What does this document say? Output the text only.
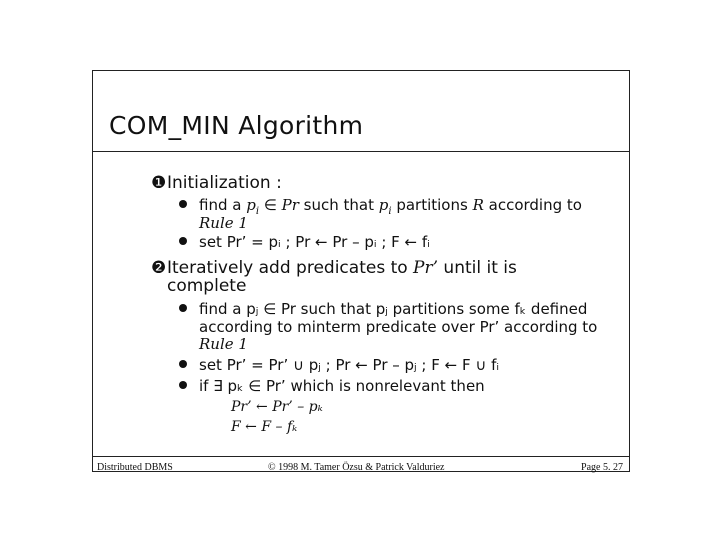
COM_MIN Algorithm
❶Initialization :
find a $p_i$ ∈ Pr such that $p_i$ partitions R according to
Rule 1
set Pr’ = pᵢ ; Pr ← Pr – pᵢ ; F ← fᵢ
❷Iteratively add predicates to Pr’ until it is
complete
find a pⱼ ∈ Pr such that pⱼ partitions some fₖ defined
according to minterm predicate over Pr’ according to
Rule 1
set Pr’ = Pr’ ∪ pⱼ ; Pr ← Pr – pⱼ ; F ← F ∪ fᵢ
if ∃ pₖ ∈ Pr’ which is nonrelevant then
Pr’ ← Pr’ – pₖ
F ← F – fₖ
Distributed DBMS	© 1998 M. Tamer Özsu & Patrick Valduriez	Page 5. 27
